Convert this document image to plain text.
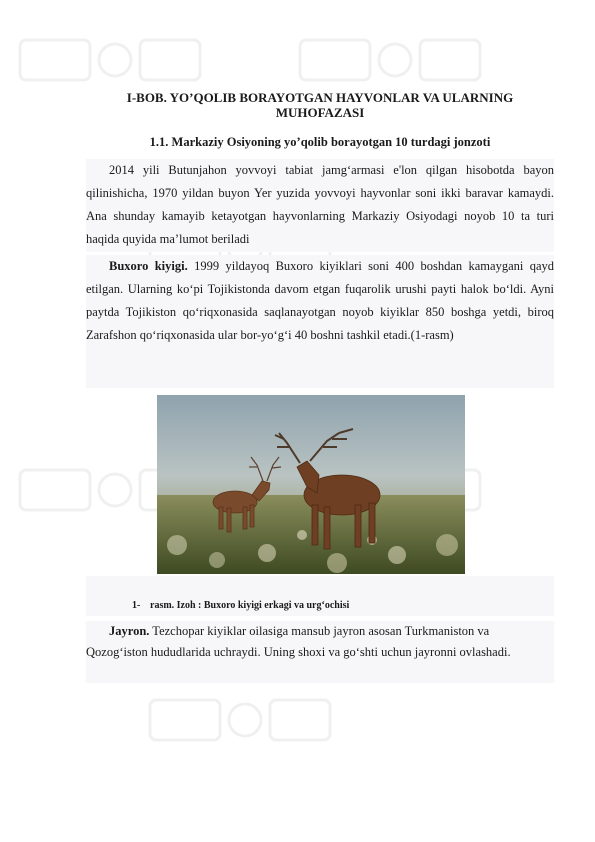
I-BOB. YO’QOLIB BORAYOTGAN HAYVONLAR VA ULARNING MUHOFAZASI
1.1. Markaziy Osiyoning yo’qolib borayotgan 10 turdagi jonzoti

2014 yili Butunjahon yovvoyi tabiat jamg‘armasi e'lon qilgan hisobotda bayon qilinishicha, 1970 yildan buyon Yer yuzida yovvoyi hayvonlar soni ikki baravar kamaydi. Ana shunday kamayib ketayotgan hayvonlarning Markaziy Osiyodagi noyob 10 ta turi haqida quyida ma’lumot beriladi

Buxoro kiyigi. 1999 yildayoq Buxoro kiyiklari soni 400 boshdan kamaygani qayd etilgan. Ularning ko‘pi Tojikistonda davom etgan fuqarolik urushi payti halok bo‘ldi. Ayni paytda Tojikiston qo‘riqxonasida saqlanayotgan noyob kiyiklar 850 boshga yetdi, biroq Zarafshon qo‘riqxonasida ular bor-yo‘g‘i 40 boshni tashkil etadi.(1-rasm)

1- rasm. Izoh : Buxoro kiyigi erkagi va urg‘ochisi

Jayron. Tezchopar kiyiklar oilasiga mansub jayron asosan Turkmaniston va

Qozog‘iston hududlarida uchraydi. Uning shoxi va go‘shti uchun jayronni ovlashadi.
